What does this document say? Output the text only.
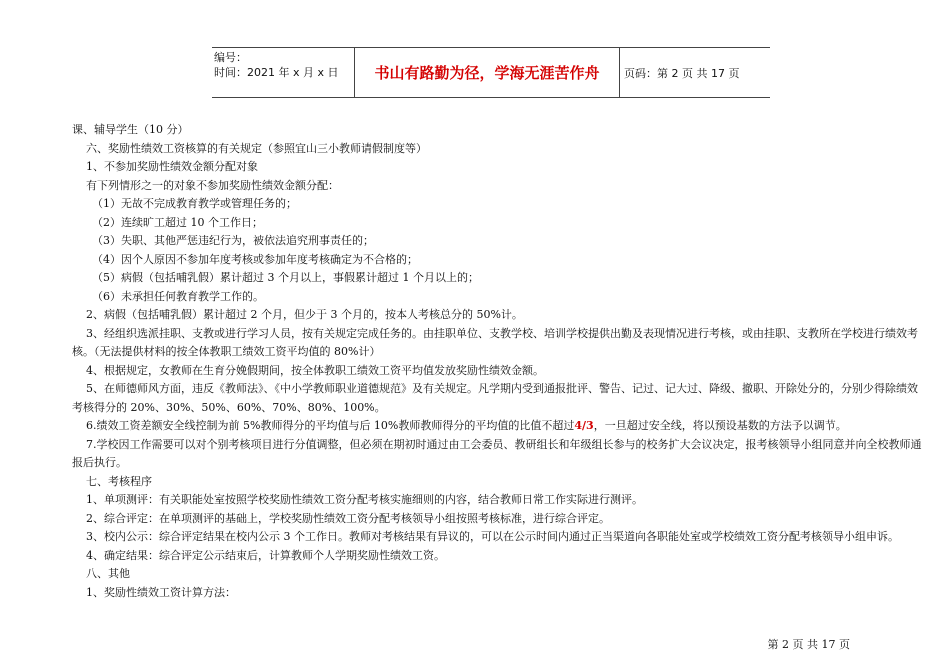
编号：
时间：2021 年 x 月 x 日	书山有路勤为径，学海无涯苦作舟	页码：第 2 页 共 17 页

课、辅导学生（10 分）

六、奖励性绩效工资核算的有关规定（参照宜山三小教师请假制度等）

1、不参加奖励性绩效金额分配对象

有下列情形之一的对象不参加奖励性绩效金额分配：

（1）无故不完成教育教学或管理任务的；

（2）连续旷工超过 10 个工作日；

（3）失职、其他严惩违纪行为，被依法追究刑事责任的；

（4）因个人原因不参加年度考核或参加年度考核确定为不合格的；

（5）病假（包括哺乳假）累计超过 3 个月以上，事假累计超过 1 个月以上的；

（6）未承担任何教育教学工作的。

2、病假（包括哺乳假）累计超过 2 个月，但少于 3 个月的，按本人考核总分的 50%计。

3、经组织选派挂职、支教或进行学习人员，按有关规定完成任务的。由挂职单位、支教学校、培训学校提供出勤及表现情况进行考核，或由挂职、支教所在学校进行绩效考核。（无法提供材料的按全体教职工绩效工资平均值的 80%计）

4、根据规定，女教师在生育分娩假期间，按全体教职工绩效工资平均值发放奖励性绩效金额。

5、在师德师风方面，违反《教师法》、《中小学教师职业道德规范》及有关规定。凡学期内受到通报批评、警告、记过、记大过、降级、撤职、开除处分的，分别少得除绩效考核得分的 20%、30%、50%、60%、70%、80%、100%。

6.绩效工资差额安全线控制为前 5%教师得分的平均值与后 10%教师教师得分的平均值的比值不超过4/3，一旦超过安全线，将以预设基数的方法予以调节。

7.学校因工作需要可以对个别考核项目进行分值调整，但必须在期初时通过由工会委员、教研组长和年级组长参与的校务扩大会议决定，报考核领导小组同意并向全校教师通报后执行。

七、考核程序

1、单项测评：有关职能处室按照学校奖励性绩效工资分配考核实施细则的内容，结合教师日常工作实际进行测评。

2、综合评定：在单项测评的基础上，学校奖励性绩效工资分配考核领导小组按照考核标准，进行综合评定。

3、校内公示：综合评定结果在校内公示 3 个工作日。教师对考核结果有异议的，可以在公示时间内通过正当渠道向各职能处室或学校绩效工资分配考核领导小组申诉。

4、确定结果：综合评定公示结束后，计算教师个人学期奖励性绩效工资。

八、其他

1、奖励性绩效工资计算方法：

第 2 页 共 17 页
